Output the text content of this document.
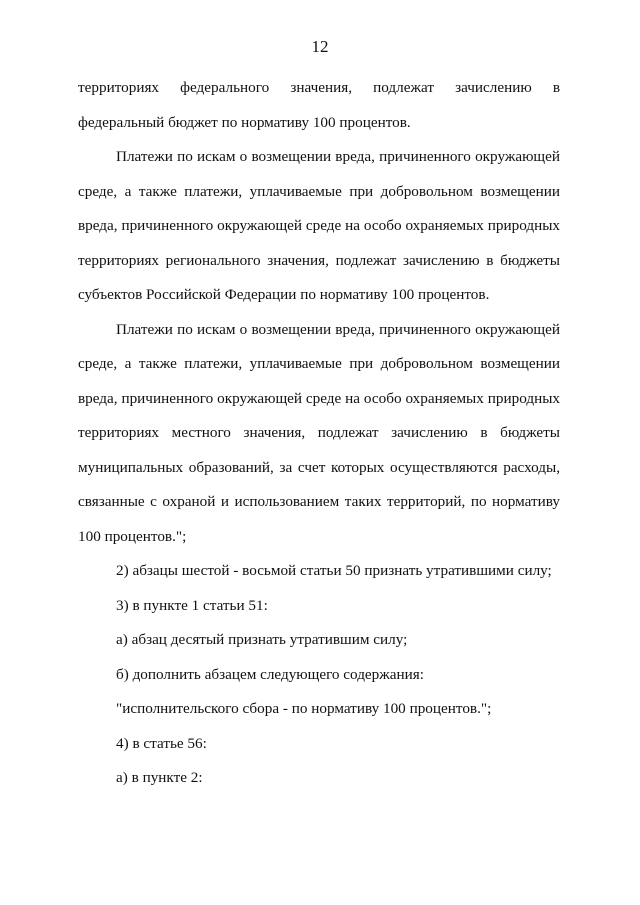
12

территориях федерального значения, подлежат зачислению в федеральный бюджет по нормативу 100 процентов.

Платежи по искам о возмещении вреда, причиненного окружающей среде, а также платежи, уплачиваемые при добровольном возмещении вреда, причиненного окружающей среде на особо охраняемых природных территориях регионального значения, подлежат зачислению в бюджеты субъектов Российской Федерации по нормативу 100 процентов.

Платежи по искам о возмещении вреда, причиненного окружающей среде, а также платежи, уплачиваемые при добровольном возмещении вреда, причиненного окружающей среде на особо охраняемых природных территориях местного значения, подлежат зачислению в бюджеты муниципальных образований, за счет которых осуществляются расходы, связанные с охраной и использованием таких территорий, по нормативу 100 процентов.";

2) абзацы шестой - восьмой статьи 50 признать утратившими силу;

3) в пункте 1 статьи 51:

а) абзац десятый признать утратившим силу;

б) дополнить абзацем следующего содержания:

"исполнительского сбора - по нормативу 100 процентов.";

4) в статье 56:

а) в пункте 2:
